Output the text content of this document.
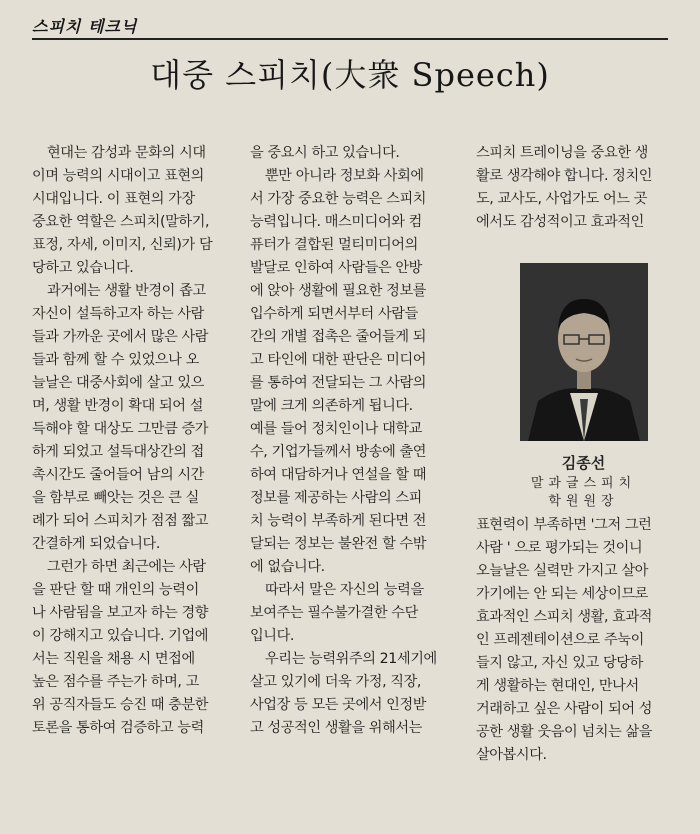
스피치 테크닉
대중 스피치(大衆 Speech)

현대는 감성과 문화의 시대

이며 능력의 시대이고 표현의

시대입니다. 이 표현의 가장

중요한 역할은 스피치(말하기,

표정, 자세, 이미지, 신뢰)가 담

당하고 있습니다.

과거에는 생활 반경이 좁고

자신이 설득하고자 하는 사람

들과 가까운 곳에서 많은 사람

들과 함께 할 수 있었으나 오

늘날은 대중사회에 살고 있으

며, 생활 반경이 확대 되어 설

득해야 할 대상도 그만큼 증가

하게 되었고 설득대상간의 접

촉시간도 줄어들어 남의 시간

을 함부로 빼앗는 것은 큰 실

례가 되어 스피치가 점점 짧고

간결하게 되었습니다.

그런가 하면 최근에는 사람

을 판단 할 때 개인의 능력이

나 사람됨을 보고자 하는 경향

이 강해지고 있습니다. 기업에

서는 직원을 채용 시 면접에

높은 점수를 주는가 하며, 고

위 공직자들도 승진 때 충분한

토론을 통하여 검증하고 능력

을 중요시 하고 있습니다.

뿐만 아니라 정보화 사회에

서 가장 중요한 능력은 스피치

능력입니다. 매스미디어와 컴

퓨터가 결합된 멀티미디어의

발달로 인하여 사람들은 안방

에 앉아 생활에 필요한 정보를

입수하게 되면서부터 사람들

간의 개별 접촉은 줄어들게 되

고 타인에 대한 판단은 미디어

를 통하여 전달되는 그 사람의

말에 크게 의존하게 됩니다.

예를 들어 정치인이나 대학교

수, 기업가들께서 방송에 출연

하여 대담하거나 연설을 할 때

정보를 제공하는 사람의 스피

치 능력이 부족하게 된다면 전

달되는 정보는 불완전 할 수밖

에 없습니다.

따라서 말은 자신의 능력을

보여주는 필수불가결한 수단

입니다.

우리는 능력위주의 21세기에

살고 있기에 더욱 가정, 직장,

사업장 등 모든 곳에서 인정받

고 성공적인 생활을 위해서는

스피치 트레이닝을 중요한 생

활로 생각해야 합니다. 정치인

도, 교사도, 사업가도 어느 곳

에서도 감성적이고 효과적인

김종선
말과글스피치
학원원장

표현력이 부족하면 '그저 그런

사람 ' 으로 평가되는 것이니

오늘날은 실력만 가지고 살아

가기에는 안 되는 세상이므로

효과적인 스피치 생활, 효과적

인 프레젠테이션으로 주눅이

들지 않고, 자신 있고 당당하

게 생활하는 현대인, 만나서

거래하고 싶은 사람이 되어 성

공한 생활 웃음이 넘치는 삶을

살아봅시다.
